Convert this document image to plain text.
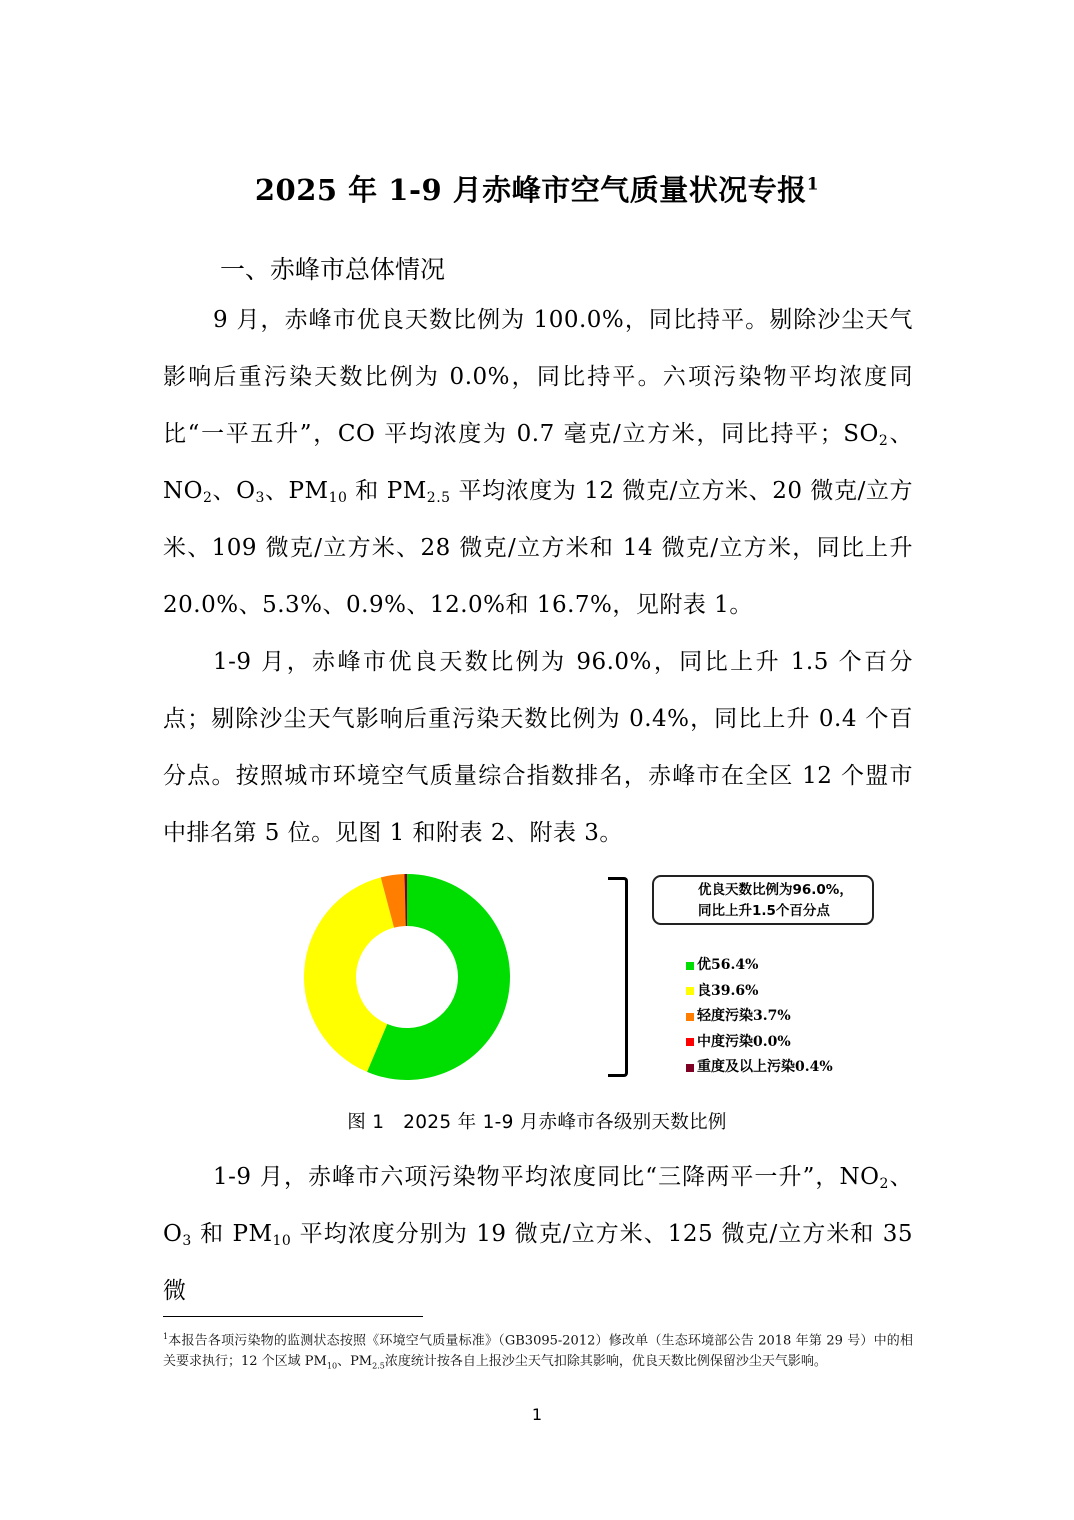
2025 年 1-9 月赤峰市空气质量状况专报$^1$
一、赤峰市总体情况
9 月，赤峰市优良天数比例为 100.0%，同比持平。剔除沙尘天气影响后重污染天数比例为 0.0%，同比持平。六项污染物平均浓度同比“一平五升”，CO 平均浓度为 0.7 毫克/立方米，同比持平；$SO_2$、$NO_2$、$O_3$、$PM_{10}$ 和 $PM_{2.5}$ 平均浓度为 12 微克/立方米、20 微克/立方米、109 微克/立方米、28 微克/立方米和 14 微克/立方米，同比上升 20.0%、5.3%、0.9%、12.0%和 16.7%，见附表 1。
1-9 月，赤峰市优良天数比例为 96.0%，同比上升 1.5 个百分点；剔除沙尘天气影响后重污染天数比例为 0.4%，同比上升 0.4 个百分点。按照城市环境空气质量综合指数排名，赤峰市在全区 12 个盟市中排名第 5 位。见图 1 和附表 2、附表 3。
优良天数比例为96.0%，
同比上升1.5个百分点
优56.4%
良39.6%
轻度污染3.7%
中度污染0.0%
重度及以上污染0.4%
图 1　2025 年 1-9 月赤峰市各级别天数比例
1-9 月，赤峰市六项污染物平均浓度同比“三降两平一升”，$NO_2$、$O_3$ 和 $PM_{10}$ 平均浓度分别为 19 微克/立方米、125 微克/立方米和 35 微
$^1$本报告各项污染物的监测状态按照《环境空气质量标准》（GB3095-2012）修改单（生态环境部公告 2018 年第 29 号）中的相关要求执行；12 个区域 $PM_{10}$、$PM_{2.5}$浓度统计按各自上报沙尘天气扣除其影响，优良天数比例保留沙尘天气影响。
1
